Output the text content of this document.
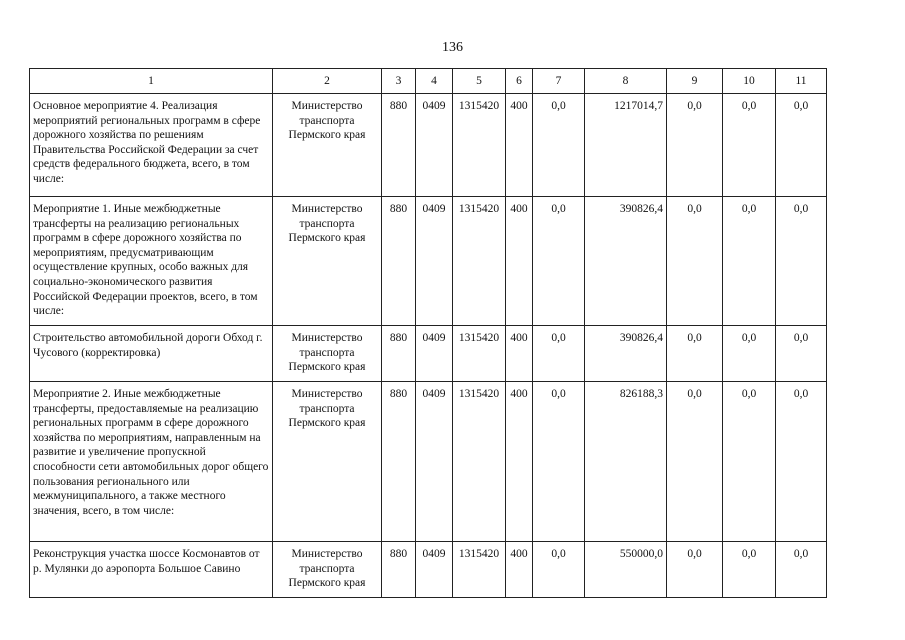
136
1	2	3	4	5	6	7	8	9	10	11
Основное мероприятие 4. Реализация мероприятий региональных программ в сфере дорожного хозяйства по решениям Правительства Российской Федерации за счет средств федерального бюджета, всего, в том числе:	Министерство транспорта Пермского края	880	0409	1315420	400	0,0	1217014,7	0,0	0,0	0,0
Мероприятие 1. Иные межбюджетные трансферты на реализацию региональных программ в сфере дорожного хозяйства по мероприятиям, предусматривающим осуществление крупных, особо важных для социально-экономического развития Российской Федерации проектов, всего, в том числе:	Министерство транспорта Пермского края	880	0409	1315420	400	0,0	390826,4	0,0	0,0	0,0
Строительство автомобильной дороги Обход г. Чусового (корректировка)	Министерство транспорта Пермского края	880	0409	1315420	400	0,0	390826,4	0,0	0,0	0,0
Мероприятие 2. Иные межбюджетные трансферты, предоставляемые на реализацию региональных программ в сфере дорожного хозяйства по мероприятиям, направленным на развитие и увеличение пропускной способности сети автомобильных дорог общего пользования регионального или межмуниципального, а также местного значения, всего, в том числе:	Министерство транспорта Пермского края	880	0409	1315420	400	0,0	826188,3	0,0	0,0	0,0
Реконструкция участка шоссе Космонавтов от р. Мулянки до аэропорта Большое Савино	Министерство транспорта Пермского края	880	0409	1315420	400	0,0	550000,0	0,0	0,0	0,0
